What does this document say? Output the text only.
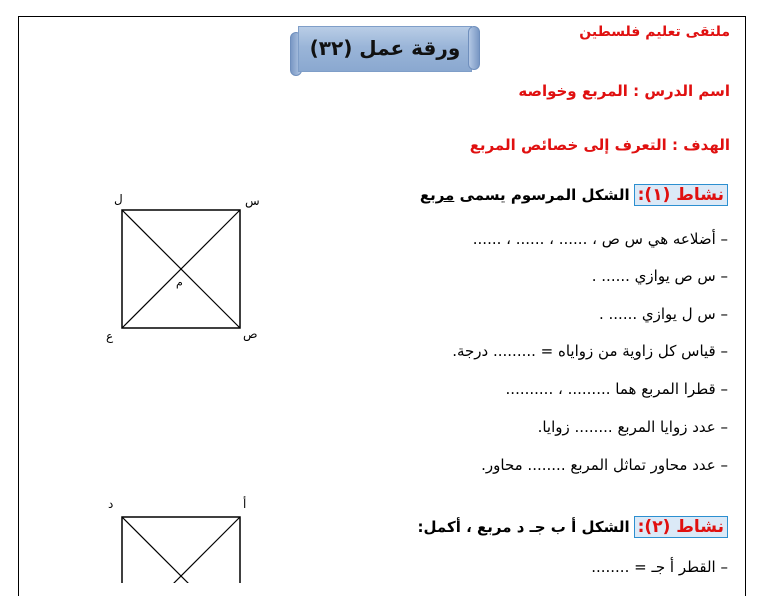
ملتقى تعليم فلسطين
ورقة عمل (٣٢)
اسم الدرس : المربع وخواصه
الهدف : التعرف إلى خصائص المربع
نشاط (١):
الشكل المرسوم يسمى مربع
– أضلاعه هي س ص ، ...... ، ...... ، ......
– س ص يوازي ...... .
– س ل يوازي ...... .
– قياس كل زاوية من زواياه = ......... درجة.
– قطرا المربع هما ......... ، ..........
– عدد زوايا المربع ........ زوايا.
– عدد محاور تماثل المربع ........ محاور.
ل	س
ع	ص
م
نشاط (٢):
الشكل أ ب جـ د مربع ، أكمل:
– القطر أ جـ = ........
د	أ
